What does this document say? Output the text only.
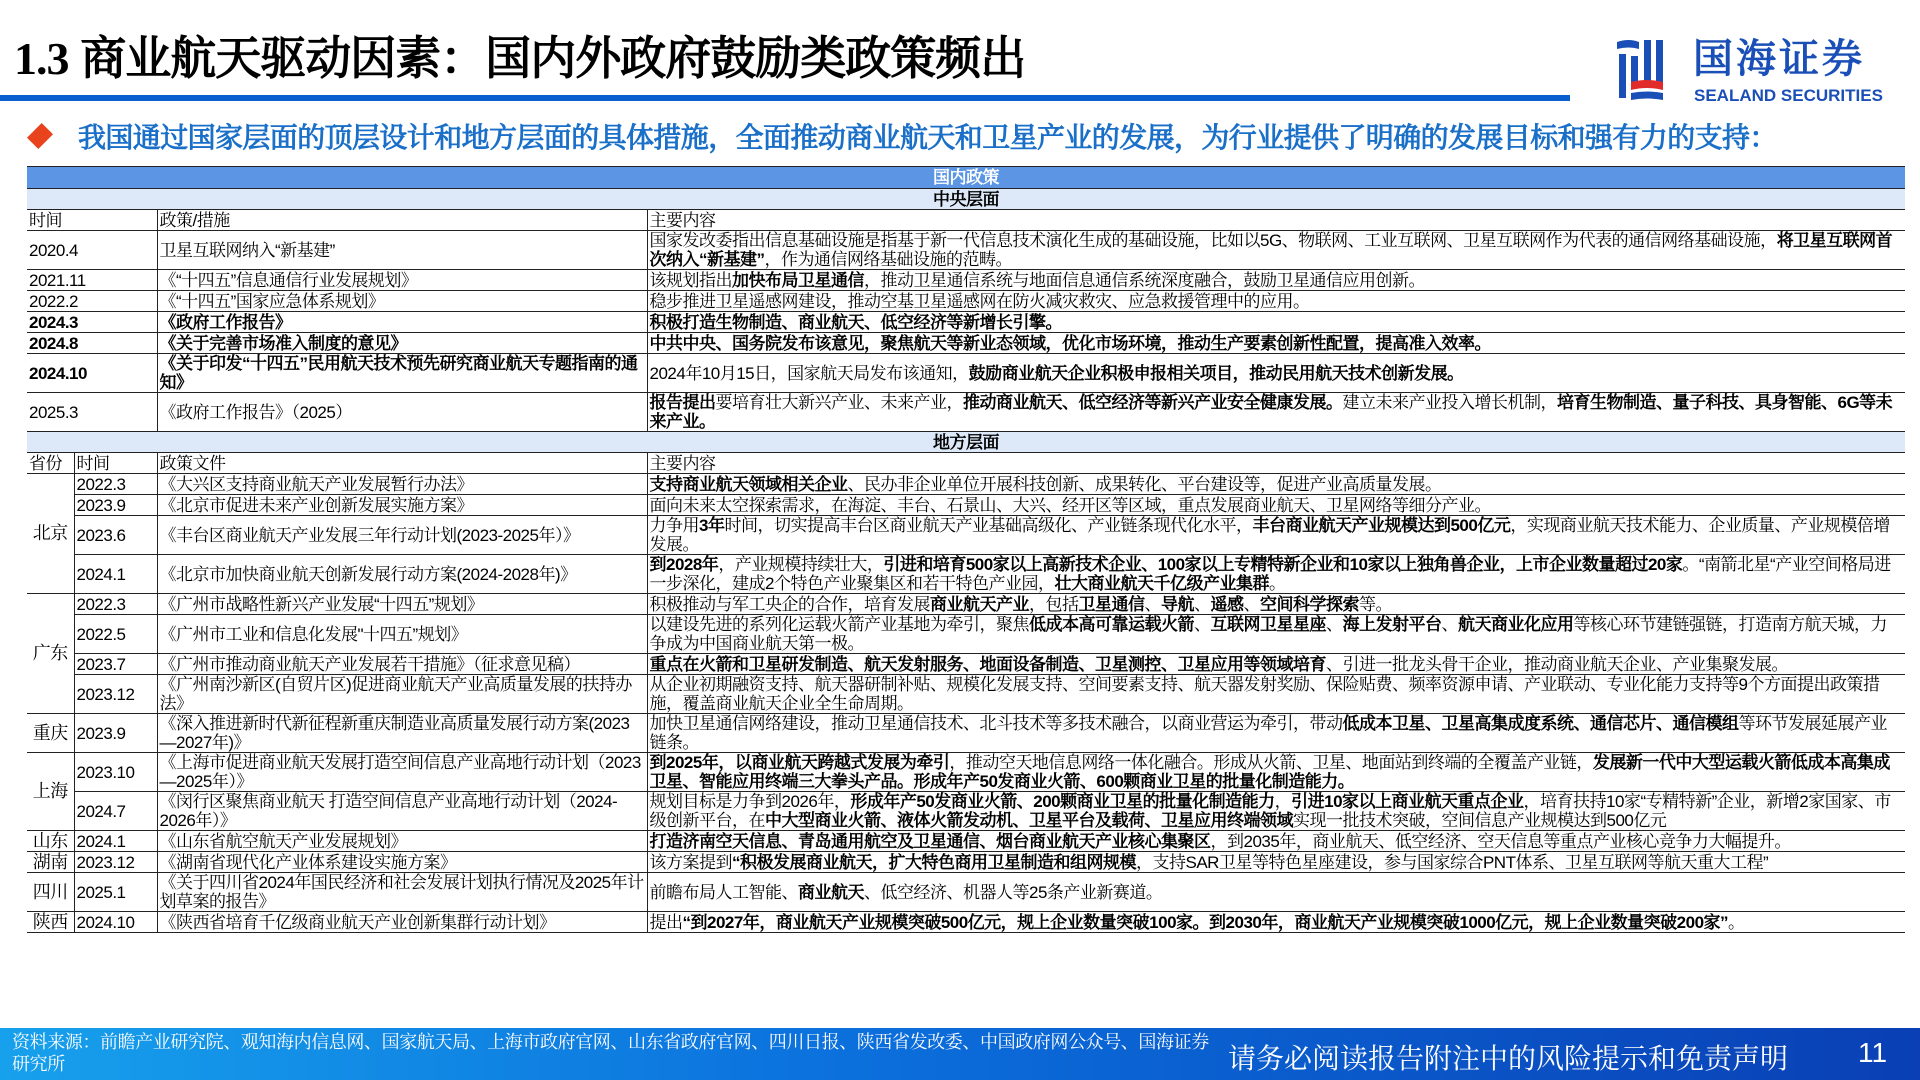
1.3 商业航天驱动因素：国内外政府鼓励类政策频出	国海证券
SEALAND SECURITIES
我国通过国家层面的顶层设计和地方层面的具体措施，全面推动商业航天和卫星产业的发展，为行业提供了明确的发展目标和强有力的支持：
国内政策			
中央层面			
时间		政策/措施	主要内容
2020.4		卫星互联网纳入“新基建”	国家发改委指出信息基础设施是指基于新一代信息技术演化生成的基础设施，比如以5G、物联网、工业互联网、卫星互联网作为代表的通信网络基础设施，将卫星互联网首次纳入“新基建”，作为通信网络基础设施的范畴。
2021.11		《“十四五”信息通信行业发展规划》	该规划指出加快布局卫星通信，推动卫星通信系统与地面信息通信系统深度融合，鼓励卫星通信应用创新。
2022.2		《“十四五”国家应急体系规划》	稳步推进卫星遥感网建设，推动空基卫星遥感网在防火减灾救灾、应急救援管理中的应用。
2024.3		《政府工作报告》	积极打造生物制造、商业航天、低空经济等新增长引擎。
2024.8		《关于完善市场准入制度的意见》	中共中央、国务院发布该意见，聚焦航天等新业态领域，优化市场环境，推动生产要素创新性配置，提高准入效率。
2024.10		《关于印发“十四五”民用航天技术预先研究商业航天专题指南的通知》	2024年10月15日，国家航天局发布该通知，鼓励商业航天企业积极申报相关项目，推动民用航天技术创新发展。
2025.3		《政府工作报告》（2025）	报告提出要培育壮大新兴产业、未来产业，推动商业航天、低空经济等新兴产业安全健康发展。建立未来产业投入增长机制，培育生物制造、量子科技、具身智能、6G等未来产业。
地方层面			
省份	时间	政策文件	主要内容
北京	2022.3	《大兴区支持商业航天产业发展暂行办法》	支持商业航天领域相关企业、民办非企业单位开展科技创新、成果转化、平台建设等，促进产业高质量发展。
	2023.9	《北京市促进未来产业创新发展实施方案》	面向未来太空探索需求，在海淀、丰台、石景山、大兴、经开区等区域，重点发展商业航天、卫星网络等细分产业。
	2023.6	《丰台区商业航天产业发展三年行动计划(2023-2025年）》	力争用3年时间，切实提高丰台区商业航天产业基础高级化、产业链条现代化水平，丰台商业航天产业规模达到500亿元，实现商业航天技术能力、企业质量、产业规模倍增发展。
	2024.1	《北京市加快商业航天创新发展行动方案(2024-2028年)》	到2028年，产业规模持续壮大，引进和培育500家以上高新技术企业、100家以上专精特新企业和10家以上独角兽企业，上市企业数量超过20家。“南箭北星“产业空间格局进一步深化，建成2个特色产业聚集区和若干特色产业园，壮大商业航天千亿级产业集群。
广东	2022.3	《广州市战略性新兴产业发展“十四五”规划》	积极推动与军工央企的合作，培育发展商业航天产业，包括卫星通信、导航、遥感、空间科学探索等。
	2022.5	《广州市工业和信息化发展"十四五”规划》	以建设先进的系列化运载火箭产业基地为牵引，聚焦低成本高可靠运载火箭、互联网卫星星座、海上发射平台、航天商业化应用等核心环节建链强链，打造南方航天城，力争成为中国商业航天第一极。
	2023.7	《广州市推动商业航天产业发展若干措施》（征求意见稿）	重点在火箭和卫星研发制造、航天发射服务、地面设备制造、卫星测控、卫星应用等领域培育、引进一批龙头骨干企业，推动商业航天企业、产业集聚发展。
	2023.12	《广州南沙新区(自贸片区)促进商业航天产业高质量发展的扶持办法》	从企业初期融资支持、航天器研制补贴、规模化发展支持、空间要素支持、航天器发射奖励、保险贴费、频率资源申请、产业联动、专业化能力支持等9个方面提出政策措施，覆盖商业航天企业全生命周期。
重庆	2023.9	《深入推进新时代新征程新重庆制造业高质量发展行动方案(2023—2027年)》	加快卫星通信网络建设，推动卫星通信技术、北斗技术等多技术融合，以商业营运为牵引，带动低成本卫星、卫星高集成度系统、通信芯片、通信模组等环节发展延展产业链条。
上海	2023.10	《上海市促进商业航天发展打造空间信息产业高地行动计划（2023—2025年）》	到2025年，以商业航天跨越式发展为牵引，推动空天地信息网络一体化融合。形成从火箭、卫星、地面站到终端的全覆盖产业链，发展新一代中大型运载火箭低成本高集成卫星、智能应用终端三大拳头产品。形成年产50发商业火箭、600颗商业卫星的批量化制造能力。
	2024.7	《闵行区聚焦商业航天 打造空间信息产业高地行动计划（2024-2026年）》	规划目标是力争到2026年，形成年产50发商业火箭、200颗商业卫星的批量化制造能力，引进10家以上商业航天重点企业，培育扶持10家“专精特新”企业，新增2家国家、市级创新平台，在中大型商业火箭、液体火箭发动机、卫星平台及载荷、卫星应用终端领域实现一批技术突破，空间信息产业规模达到500亿元
山东	2024.1	《山东省航空航天产业发展规划》	打造济南空天信息、青岛通用航空及卫星通信、烟台商业航天产业核心集聚区，到2035年，商业航天、低空经济、空天信息等重点产业核心竞争力大幅提升。
湖南	2023.12	《湖南省现代化产业体系建设实施方案》	该方案提到“积极发展商业航天，扩大特色商用卫星制造和组网规模，支持SAR卫星等特色星座建设，参与国家综合PNT体系、卫星互联网等航天重大工程”
四川	2025.1	《关于四川省2024年国民经济和社会发展计划执行情况及2025年计划草案的报告》	前瞻布局人工智能、商业航天、低空经济、机器人等25条产业新赛道。
陕西	2024.10	《陕西省培育千亿级商业航天产业创新集群行动计划》	提出“到2027年，商业航天产业规模突破500亿元，规上企业数量突破100家。到2030年，商业航天产业规模突破1000亿元，规上企业数量突破200家”。
资料来源：前瞻产业研究院、观知海内信息网、国家航天局、上海市政府官网、山东省政府官网、四川日报、陕西省发改委、中国政府网公众号、国海证券研究所	请务必阅读报告附注中的风险提示和免责声明 11
